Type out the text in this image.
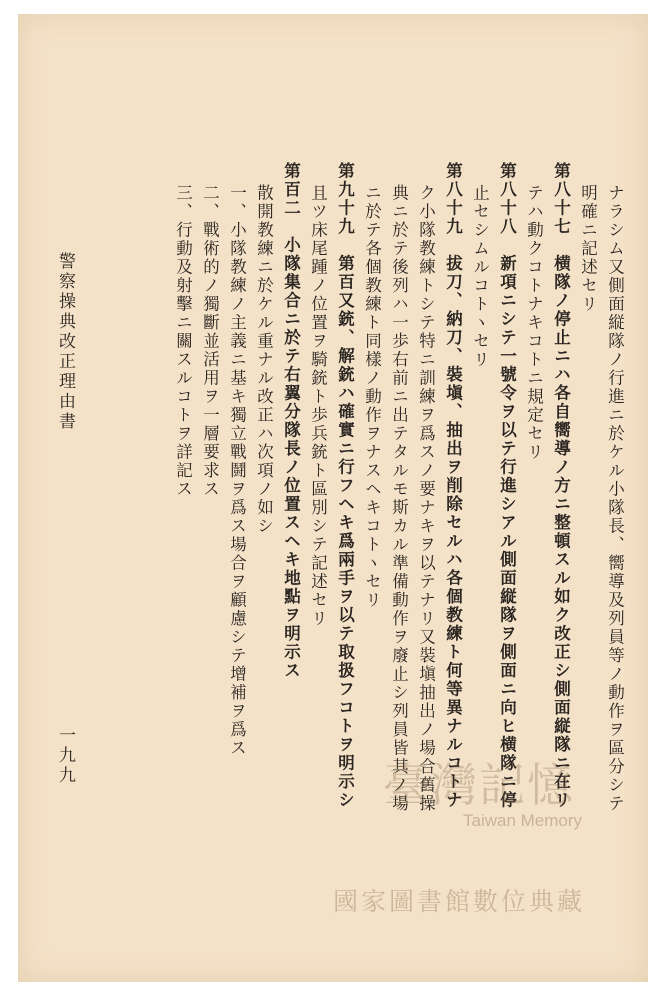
ナラシム又側面縦隊ノ行進ニ於ケル小隊長、嚮導及列員等ノ動作ヲ區分シテ
明確ニ記述セリ
第八十七　横隊ノ停止ニハ各自嚮導ノ方ニ整頓スル如ク改正シ側面縦隊ニ在リ
テハ動クコトナキコトニ規定セリ
第八十八　新項ニシテ一號令ヲ以テ行進シアル側面縦隊ヲ側面ニ向ヒ横隊ニ停
止セシムルコトヽセリ
第八十九　拔刀、納刀、裝塡、抽出ヲ削除セルハ各個教練ト何等異ナルコトナ
ク小隊教練トシテ特ニ訓練ヲ爲スノ要ナキヲ以テナリ又裝塡抽出ノ場合舊操
典ニ於テ後列ハ一歩右前ニ出テタルモ斯カル準備動作ヲ廢止シ列員皆其ノ場
ニ於テ各個教練ト同樣ノ動作ヲナスヘキコトヽセリ
第九十九　第百又銃、解銃ハ確實ニ行フヘキ爲兩手ヲ以テ取扱フコトヲ明示シ
且ツ床尾踵ノ位置ヲ騎銃ト歩兵銃ト區別シテ記述セリ
第百二　小隊集合ニ於テ右翼分隊長ノ位置スヘキ地點ヲ明示ス
散開教練ニ於ケル重ナル改正ハ次項ノ如シ
一、小隊教練ノ主義ニ基キ獨立戰鬪ヲ爲ス場合ヲ顧慮シテ增補ヲ爲ス
二、戰術的ノ獨斷並活用ヲ一層要求ス
三、行動及射擊ニ關スルコトヲ詳記ス
警察操典改正理由書
一九九	臺灣記憶
Taiwan Memory
國家圖書館數位典藏
